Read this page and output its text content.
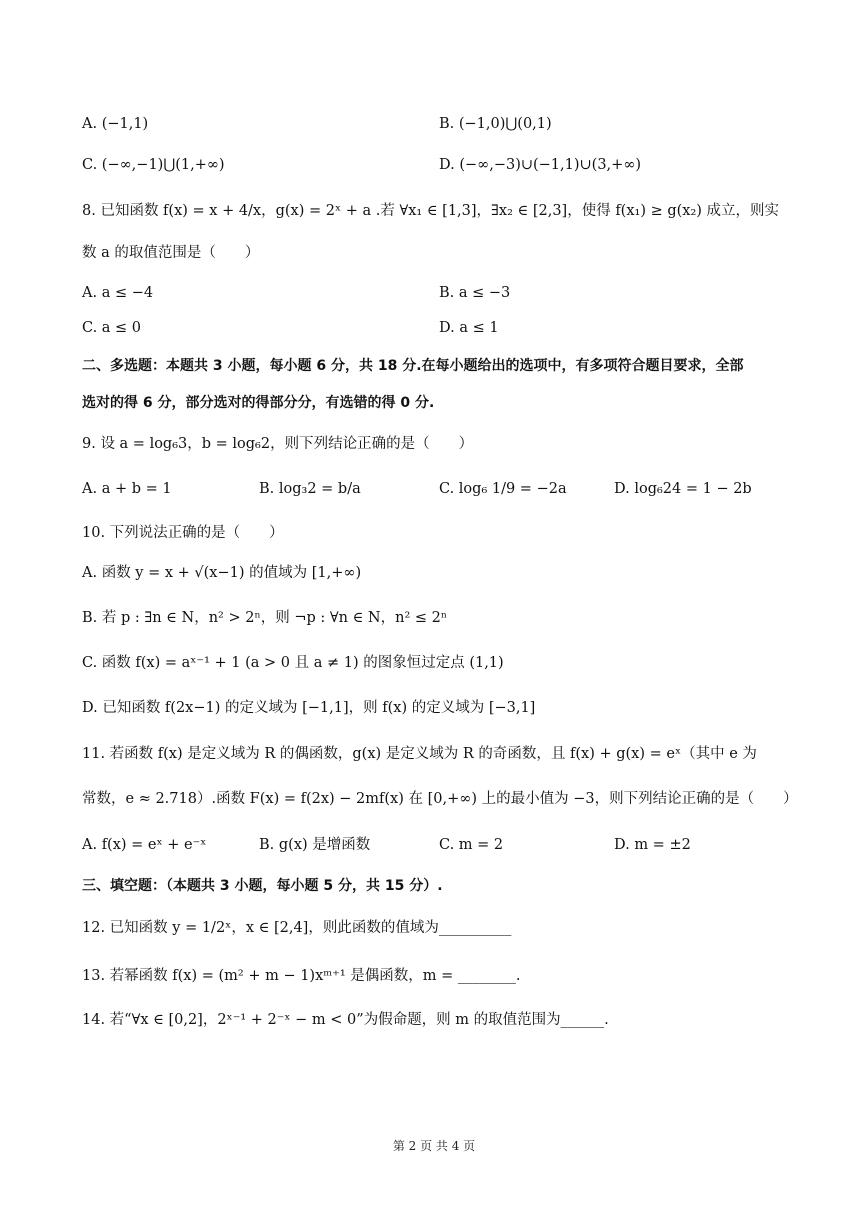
A. (−1,1)	B. (−1,0)⋃(0,1)
C. (−∞,−1)⋃(1,+∞)	D. (−∞,−3)∪(−1,1)∪(3,+∞)
8. 已知函数 f(x) = x + 4/x，g(x) = 2ˣ + a .若 ∀x₁ ∈ [1,3]，∃x₂ ∈ [2,3]，使得 f(x₁) ≥ g(x₂) 成立，则实
数 a 的取值范围是（　　）
A. a ≤ −4	B. a ≤ −3
C. a ≤ 0	D. a ≤ 1
二、多选题：本题共 3 小题，每小题 6 分，共 18 分.在每小题给出的选项中，有多项符合题目要求，全部
选对的得 6 分，部分选对的得部分分，有选错的得 0 分.
9. 设 a = log₆3，b = log₆2，则下列结论正确的是（　　）
A. a + b = 1	B. log₃2 = b/a	C. log₆ 1/9 = −2a	D. log₆24 = 1 − 2b
10. 下列说法正确的是（　　）
A. 函数 y = x + √(x−1) 的值域为 [1,+∞)
B. 若 p : ∃n ∈ N，n² > 2ⁿ，则 ¬p : ∀n ∈ N，n² ≤ 2ⁿ
C. 函数 f(x) = aˣ⁻¹ + 1 (a > 0 且 a ≠ 1) 的图象恒过定点 (1,1)
D. 已知函数 f(2x−1) 的定义域为 [−1,1]，则 f(x) 的定义域为 [−3,1]
11. 若函数 f(x) 是定义域为 R 的偶函数，g(x) 是定义域为 R 的奇函数，且 f(x) + g(x) = eˣ（其中 e 为
常数，e ≈ 2.718）.函数 F(x) = f(2x) − 2mf(x) 在 [0,+∞) 上的最小值为 −3，则下列结论正确的是（　　）
A. f(x) = eˣ + e⁻ˣ	B. g(x) 是增函数	C. m = 2	D. m = ±2
三、填空题：（本题共 3 小题，每小题 5 分，共 15 分）.
12. 已知函数 y = 1/2ˣ，x ∈ [2,4]，则此函数的值域为__________
13. 若幂函数 f(x) = (m² + m − 1)xᵐ⁺¹ 是偶函数，m = ________.
14. 若“∀x ∈ [0,2]，2ˣ⁻¹ + 2⁻ˣ − m < 0”为假命题，则 m 的取值范围为______.
第 2 页 共 4 页
